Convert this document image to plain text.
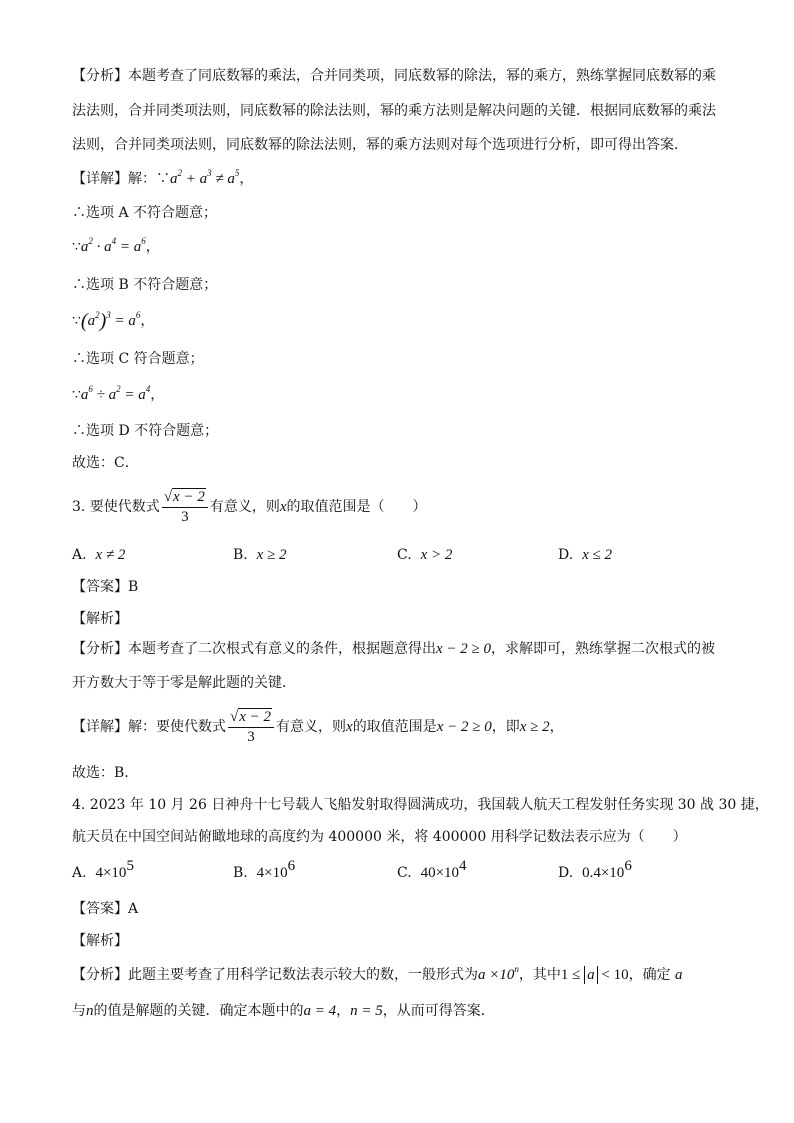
【分析】本题考查了同底数幂的乘法，合并同类项，同底数幂的除法，幂的乘方，熟练掌握同底数幂的乘
法法则，合并同类项法则，同底数幂的除法法则，幂的乘方法则是解决问题的关键．根据同底数幂的乘法
法则，合并同类项法则，同底数幂的除法法则，幂的乘方法则对每个选项进行分析，即可得出答案．
【详解】解：$\because a^2 + a^3 \ne a^5$，
∴选项 A 不符合题意；
$\because a^2 \cdot a^4 = a^6$，
∴选项 B 不符合题意；
$\because(a^2)^3 = a^6$，
∴选项 C 符合题意；
$\because a^6 \div a^2 = a^4$，
∴选项 D 不符合题意；
故选：C．
3. 要使代数式 $\frac{√x - 2}{3}$ 有意义，则x的取值范围是（　　）
A. x ≠ 2	B. x ≥ 2	C. x > 2	D. x ≤ 2
【答案】B
【解析】
【分析】本题考查了二次根式有意义的条件，根据题意得出x − 2 ≥ 0，求解即可，熟练掌握二次根式的被
开方数大于等于零是解此题的关键．
【详解】解：要使代数式 $\frac{√x - 2}{3}$ 有意义，则x的取值范围是x − 2 ≥ 0，即x ≥ 2，
故选：B．
4. 2023 年 10 月 26 日神舟十七号载人飞船发射取得圆满成功，我国载人航天工程发射任务实现 30 战 30 捷，
航天员在中国空间站俯瞰地球的高度约为 400000 米，将 400000 用科学记数法表示应为（　　）
A. $4\times 10^5$	B. $4\times 10^6$	C. $40\times 10^4$	D. $0.4\times 10^6$
【答案】A
【解析】
【分析】此题主要考查了用科学记数法表示较大的数，一般形式为$a \times 10^n$，其中1 ≤ a < 10，确定 a
与n的值是解题的关键．确定本题中的a = 4，n = 5，从而可得答案．
